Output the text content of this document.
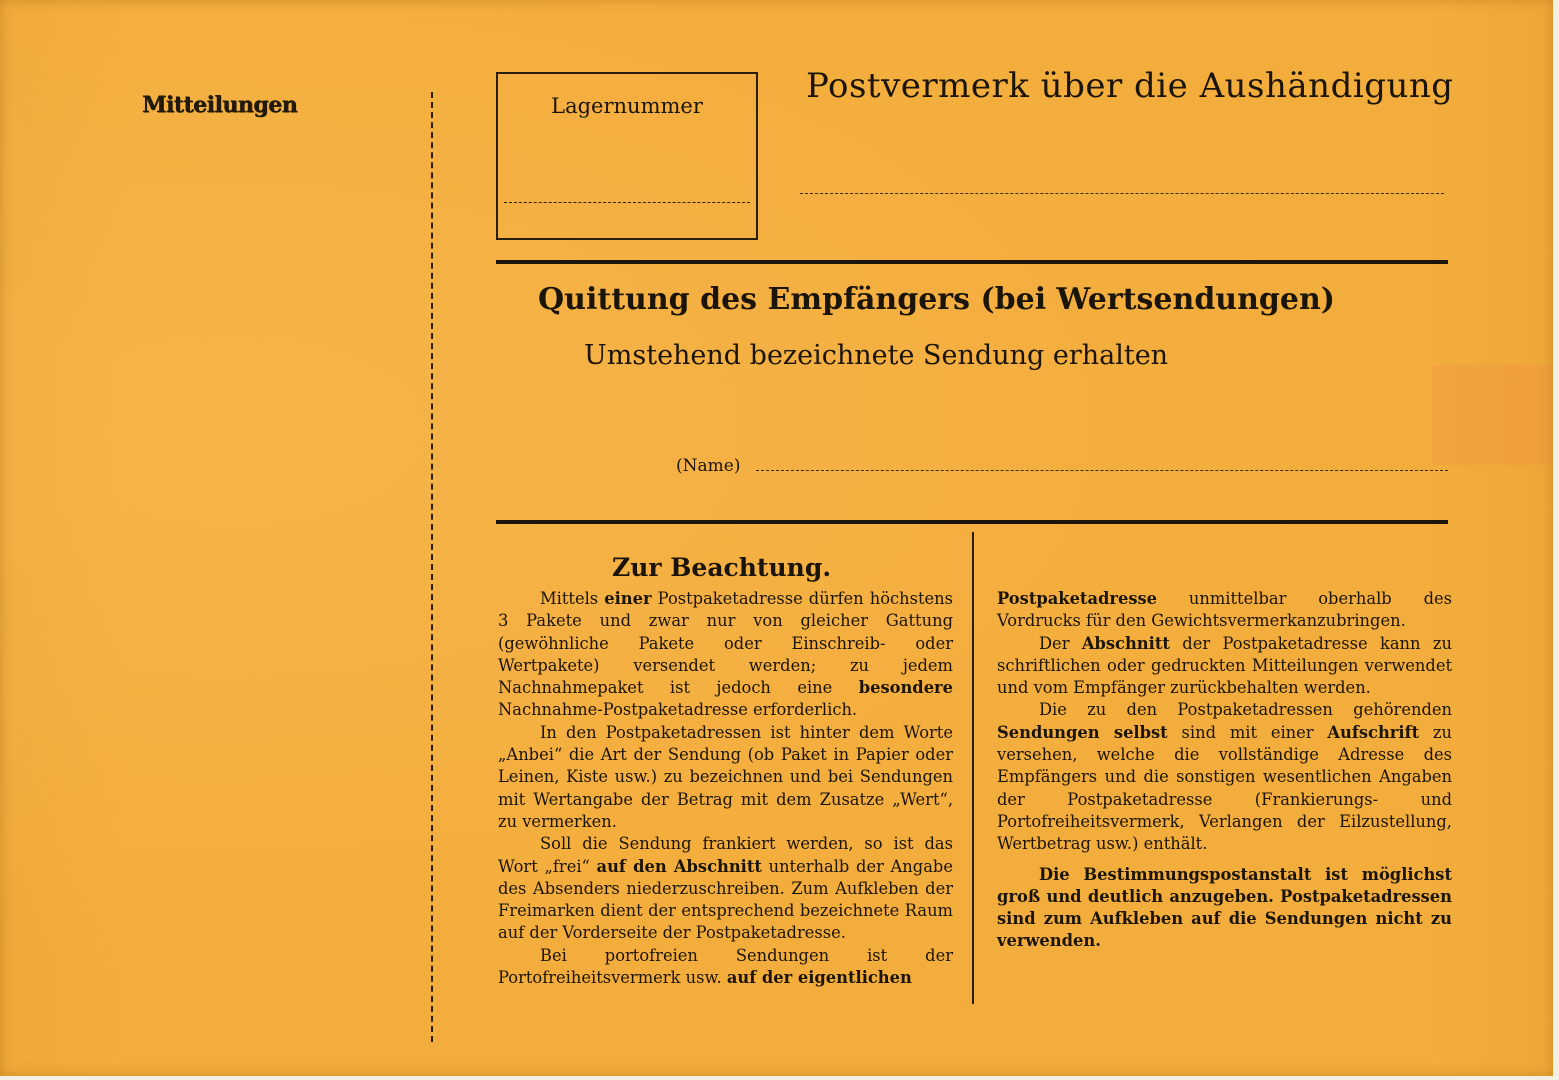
Mitteilungen	Lagernummer	Postvermerk über die Aushändigung
Quittung des Empfängers (bei Wertsendungen)
Umstehend bezeichnete Sendung erhalten
(Name)
Zur Beachtung.

Mittels einer Postpaketadresse dürfen höchstens 3 Pakete und zwar nur von gleicher Gattung (gewöhnliche Pakete oder Einschreib- oder Wertpakete) versendet werden; zu jedem Nachnahmepaket ist jedoch eine besondere Nachnahme-Postpaketadresse erforderlich.

In den Postpaketadressen ist hinter dem Worte „Anbei“ die Art der Sendung (ob Paket in Papier oder Leinen, Kiste usw.) zu bezeichnen und bei Sendungen mit Wertangabe der Betrag mit dem Zusatze „Wert“, zu vermerken.

Soll die Sendung frankiert werden, so ist das Wort „frei“ auf den Abschnitt unterhalb der Angabe des Absenders niederzuschreiben. Zum Aufkleben der Freimarken dient der entsprechend bezeichnete Raum auf der Vorderseite der Postpaketadresse.

Bei portofreien Sendungen ist der Portofreiheitsvermerk usw. auf der eigentlichen

Postpaketadresse unmittelbar oberhalb des Vordrucks für den Gewichtsvermerkanzubringen.

Der Abschnitt der Postpaketadresse kann zu schriftlichen oder gedruckten Mitteilungen verwendet und vom Empfänger zurückbehalten werden.

Die zu den Postpaketadressen gehörenden Sendungen selbst sind mit einer Aufschrift zu versehen, welche die vollständige Adresse des Empfängers und die sonstigen wesentlichen Angaben der Postpaketadresse (Frankierungs- und Portofreiheitsvermerk, Verlangen der Eilzustellung, Wertbetrag usw.) enthält.

Die Bestimmungspostanstalt ist möglichst groß und deutlich anzugeben. Postpaketadressen sind zum Aufkleben auf die Sendungen nicht zu verwenden.
